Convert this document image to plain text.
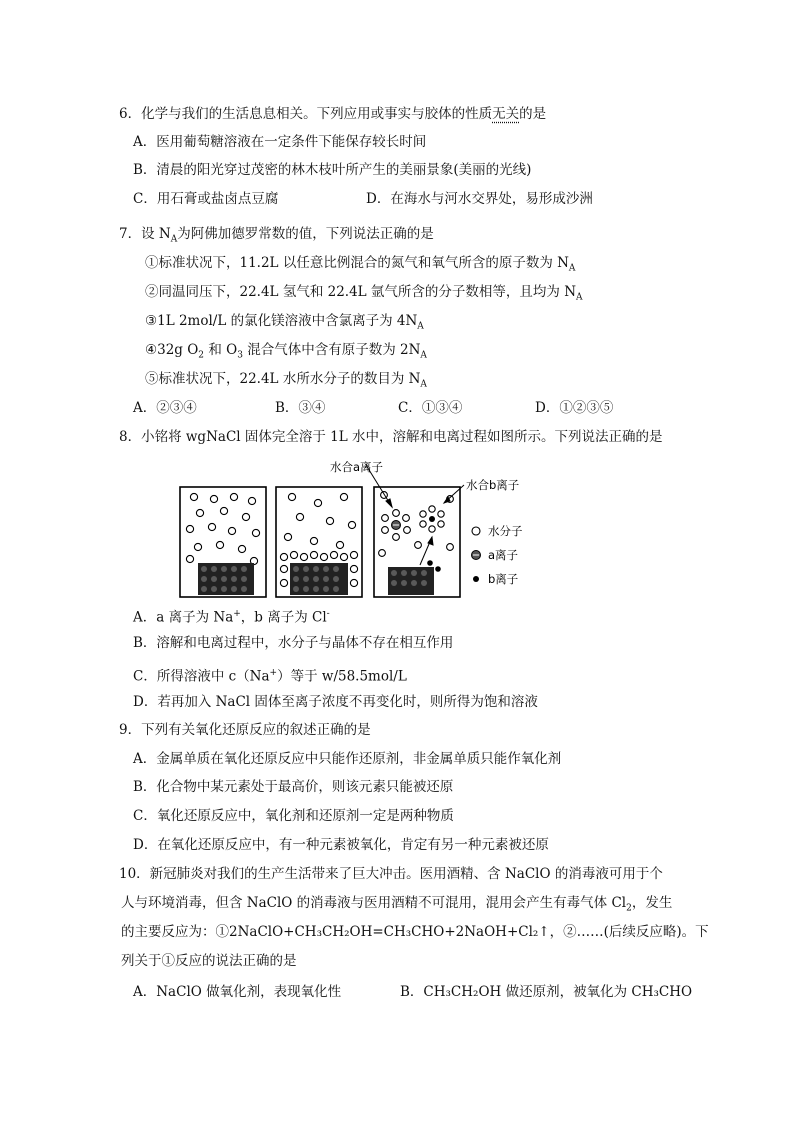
6．化学与我们的生活息息相关。下列应用或事实与胶体的性质无关的是
A．医用葡萄糖溶液在一定条件下能保存较长时间
B．清晨的阳光穿过茂密的林木枝叶所产生的美丽景象(美丽的光线)
C．用石膏或盐卤点豆腐	D．在海水与河水交界处，易形成沙洲
7．设 $N_A$为阿佛加德罗常数的值，下列说法正确的是
①标准状况下，11.2L 以任意比例混合的氮气和氧气所含的原子数为 $N_A$
②同温同压下，22.4L 氢气和 22.4L 氩气所含的分子数相等，且均为 $N_A$
③1L 2mol/L 的氯化镁溶液中含氯离子为 $4N_A$
④32g $O_2$ 和 $O_3$ 混合气体中含有原子数为 $2N_A$
⑤标准状况下，22.4L 水所水分子的数目为 $N_A$
A．②③④	B．③④	C．①③④	D．①②③⑤
8．小铭将 wgNaCl 固体完全溶于 1L 水中，溶解和电离过程如图所示。下列说法正确的是
水合a离子
水合b离子
水分子
a离子
b离子
A．a 离子为 Na+，b 离子为 Cl-
B．溶解和电离过程中，水分子与晶体不存在相互作用
C．所得溶液中 c（Na+）等于 w/58.5mol/L
D．若再加入 NaCl 固体至离子浓度不再变化时，则所得为饱和溶液
9．下列有关氧化还原反应的叙述正确的是
A．金属单质在氧化还原反应中只能作还原剂，非金属单质只能作氧化剂
B．化合物中某元素处于最高价，则该元素只能被还原
C．氧化还原反应中，氧化剂和还原剂一定是两种物质
D．在氧化还原反应中，有一种元素被氧化，肯定有另一种元素被还原
10．新冠肺炎对我们的生产生活带来了巨大冲击。医用酒精、含 NaClO 的消毒液可用于个
人与环境消毒，但含 NaClO 的消毒液与医用酒精不可混用，混用会产生有毒气体 $Cl_2$，发生
的主要反应为：①2NaClO+CH₃CH₂OH=CH₃CHO+2NaOH+Cl₂↑，②……(后续反应略)。下
列关于①反应的说法正确的是
A．NaClO 做氧化剂，表现氧化性	B．CH₃CH₂OH 做还原剂，被氧化为 CH₃CHO
